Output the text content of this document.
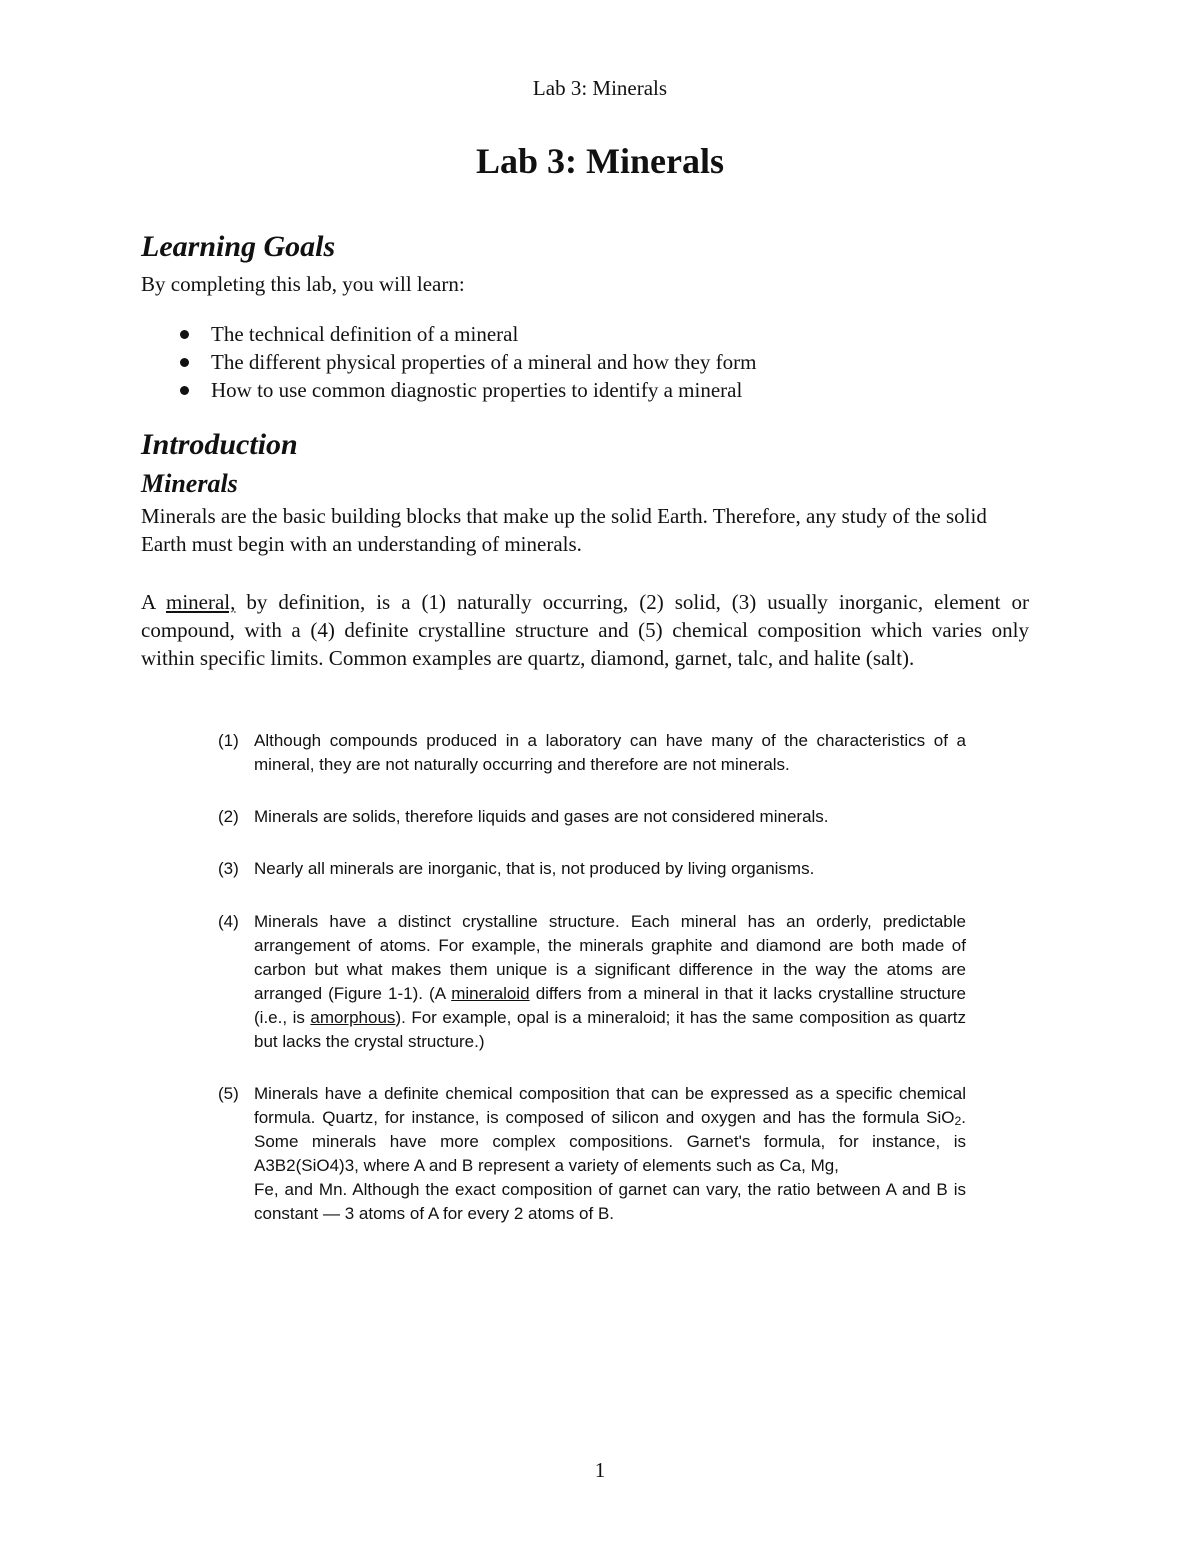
Lab 3: Minerals
Lab 3: Minerals
Learning Goals

By completing this lab, you will learn:

The technical definition of a mineral
The different physical properties of a mineral and how they form
How to use common diagnostic properties to identify a mineral
Introduction
Minerals

Minerals are the basic building blocks that make up the solid Earth. Therefore, any study of the solid Earth must begin with an understanding of minerals.

A mineral, by definition, is a (1) naturally occurring, (2) solid, (3) usually inorganic, element or compound, with a (4) definite crystalline structure and (5) chemical composition which varies only within specific limits. Common examples are quartz, diamond, garnet, talc, and halite (salt).

(1) Although compounds produced in a laboratory can have many of the characteristics of a mineral, they are not naturally occurring and therefore are not minerals.
(2) Minerals are solids, therefore liquids and gases are not considered minerals.
(3) Nearly all minerals are inorganic, that is, not produced by living organisms.
(4) Minerals have a distinct crystalline structure. Each mineral has an orderly, predictable arrangement of atoms. For example, the minerals graphite and diamond are both made of carbon but what makes them unique is a significant difference in the way the atoms are arranged (Figure 1-1). (A mineraloid differs from a mineral in that it lacks crystalline structure (i.e., is amorphous). For example, opal is a mineraloid; it has the same composition as quartz but lacks the crystal structure.)
(5) Minerals have a definite chemical composition that can be expressed as a specific chemical formula. Quartz, for instance, is composed of silicon and oxygen and has the formula SiO$_2$. Some minerals have more complex compositions. Garnet's formula, for instance, is A3B2(SiO4)3, where A and B represent a variety of elements such as Ca, Mg,
Fe, and Mn. Although the exact composition of garnet can vary, the ratio between A and B is constant — 3 atoms of A for every 2 atoms of B.
1
